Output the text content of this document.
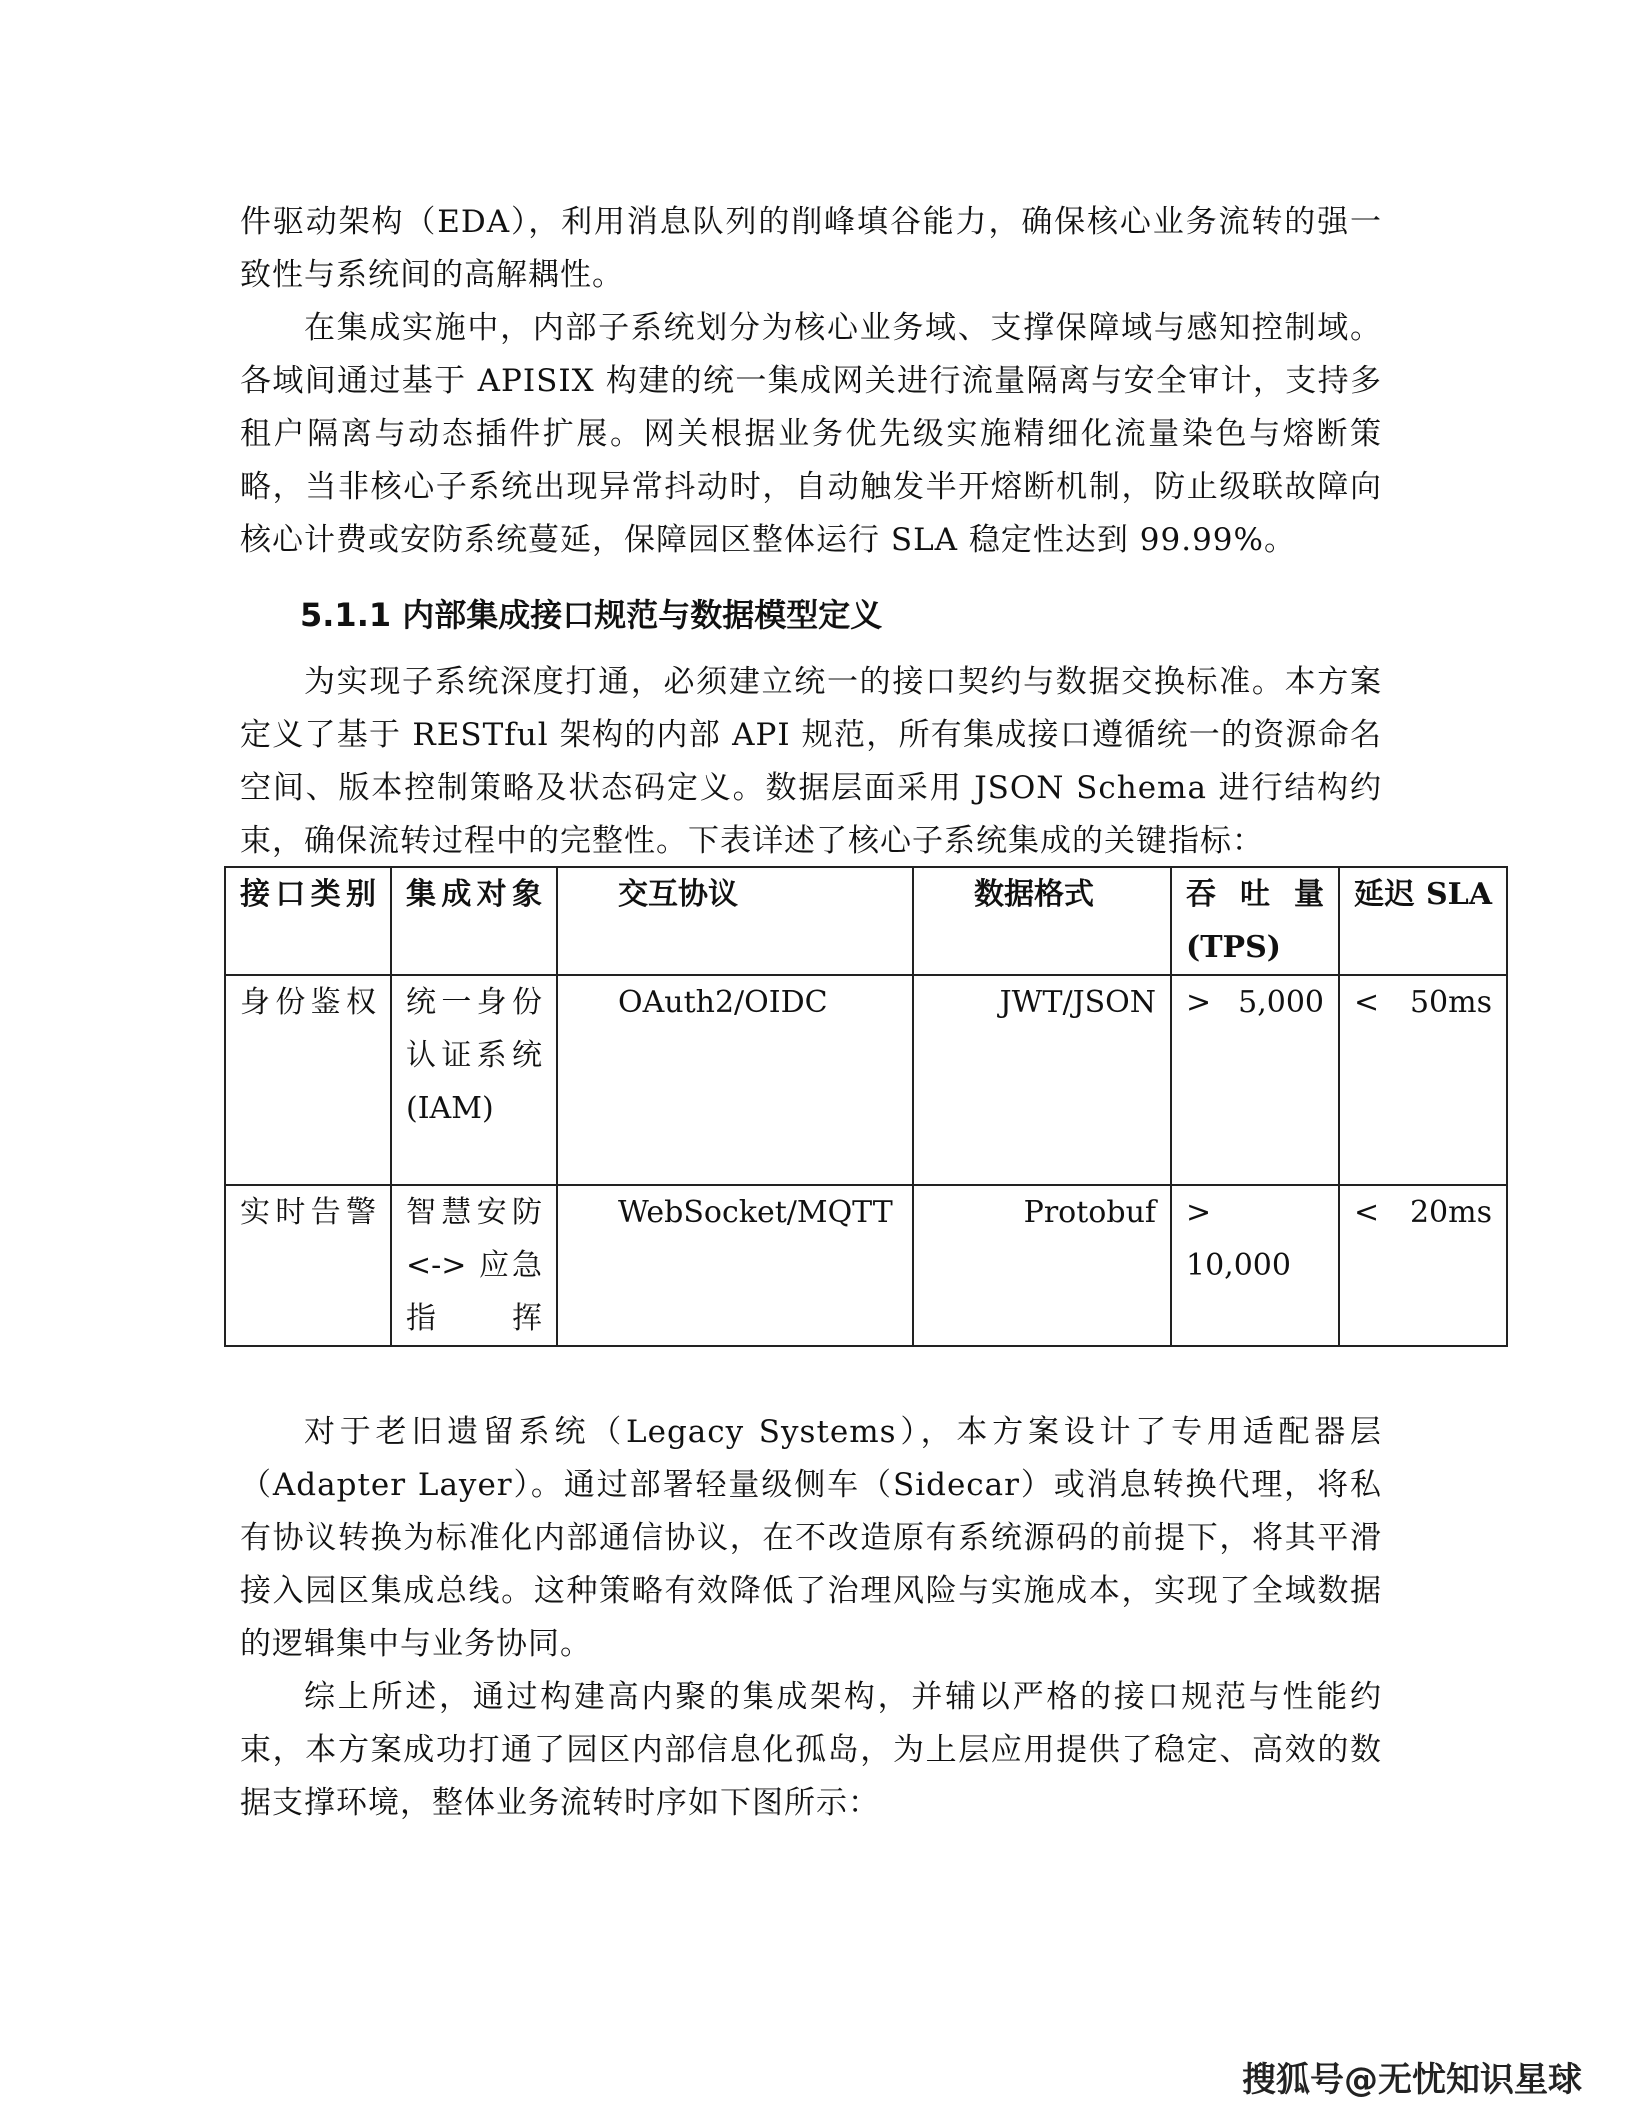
件驱动架构（EDA），利用消息队列的削峰填谷能力，确保核心业务流转的强一致性与系统间的高解耦性。

在集成实施中，内部子系统划分为核心业务域、支撑保障域与感知控制域。各域间通过基于 APISIX 构建的统一集成网关进行流量隔离与安全审计，支持多租户隔离与动态插件扩展。网关根据业务优先级实施精细化流量染色与熔断策略，当非核心子系统出现异常抖动时，自动触发半开熔断机制，防止级联故障向核心计费或安防系统蔓延，保障园区整体运行 SLA 稳定性达到 99.99%。

5.1.1 内部集成接口规范与数据模型定义

为实现子系统深度打通，必须建立统一的接口契约与数据交换标准。本方案定义了基于 RESTful 架构的内部 API 规范，所有集成接口遵循统一的资源命名空间、版本控制策略及状态码定义。数据层面采用 JSON Schema 进行结构约束，确保流转过程中的完整性。下表详述了核心子系统集成的关键指标：

接口类别	集成对象	交互协议	数据格式	吞吐量 (TPS)	延迟 SLA
身份鉴权	统一身份认证系统 (IAM)	OAuth2/OIDC	JWT/JSON	> 5,000	< 50ms
实时告警	智慧安防 <-> 应急指挥	WebSocket/MQTT	Protobuf	> 10,000	< 20ms

对于老旧遗留系统（Legacy Systems），本方案设计了专用适配器层（Adapter Layer）。通过部署轻量级侧车（Sidecar）或消息转换代理，将私有协议转换为标准化内部通信协议，在不改造原有系统源码的前提下，将其平滑接入园区集成总线。这种策略有效降低了治理风险与实施成本，实现了全域数据的逻辑集中与业务协同。

综上所述，通过构建高内聚的集成架构，并辅以严格的接口规范与性能约束，本方案成功打通了园区内部信息化孤岛，为上层应用提供了稳定、高效的数据支撑环境，整体业务流转时序如下图所示：

搜狐号@无忧知识星球
